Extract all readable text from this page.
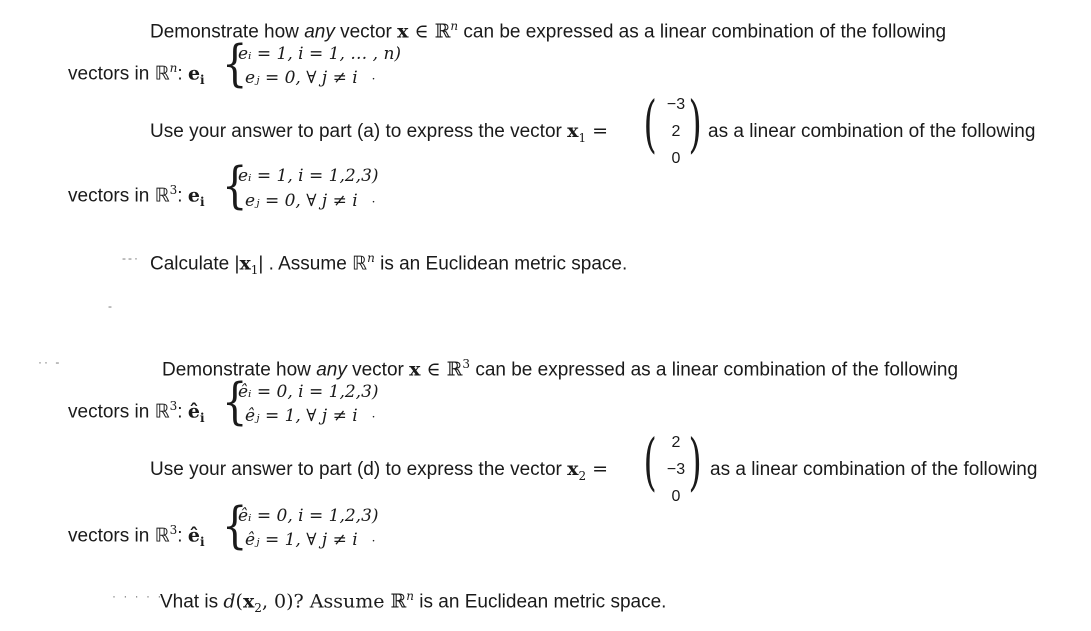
Demonstrate how any vector x ∈ ℝ$^n$ can be expressed as a linear combination of the following
vectors in ℝ$^n$: $e_i$ {
eᵢ = 1, i = 1, … , n)
eⱼ = 0, ∀ j ≠ i ·
Use your answer to part (a) to express the vector $x_1$ = ( −3
2
0 ) as a linear combination of the following
vectors in ℝ$^3$: $e_i$ {
eᵢ = 1, i = 1,2,3)
eⱼ = 0, ∀ j ≠ i ·
--· Calculate $|x_1|$ . Assume ℝ$^n$ is an Euclidean metric space.
-
·· -	Demonstrate how any vector x ∈ ℝ$^3$ can be expressed as a linear combination of the following
vectors in ℝ$^3$: $ê_i$ {
êᵢ = 0, i = 1,2,3)
êⱼ = 1, ∀ j ≠ i ·
Use your answer to part (d) to express the vector $x_2$ = ( 2
−3
0 ) as a linear combination of the following
vectors in ℝ$^3$: $ê_i$ {
êᵢ = 0, i = 1,2,3)
êⱼ = 1, ∀ j ≠ i ·
· · · · ·
Vhat is $d(x_2$, 0)? Assume ℝ$^n$ is an Euclidean metric space.
